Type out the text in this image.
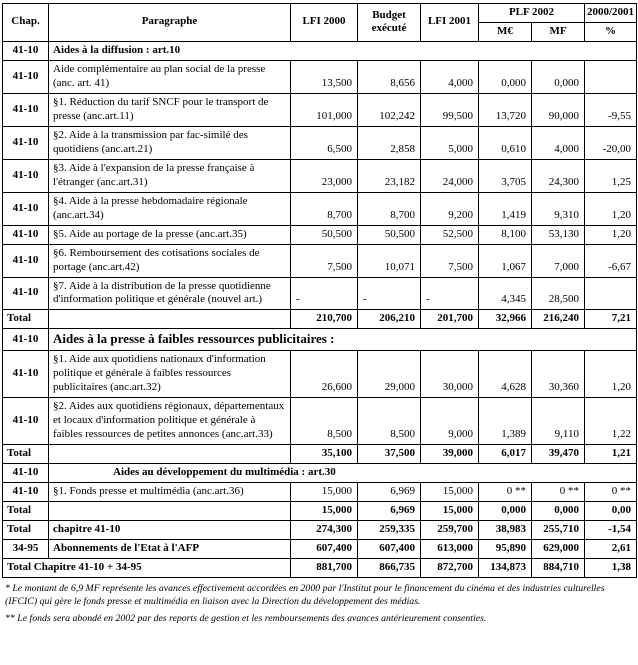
Chap.	Paragraphe	LFI 2000	Budget exécuté	LFI 2001	PLF 2002		2000/2001
					M€	MF	%
41-10	Aides à la diffusion : art.10						
41-10	Aide complémentaire au plan social de la presse (anc. art. 41)	13,500	8,656	4,000	0,000	0,000	
41-10	§1. Réduction du tarif SNCF pour le transport de presse (anc.art.11)	101,000	102,242	99,500	13,720	90,000	-9,55
41-10	§2. Aide à la transmission par fac-similé des quotidiens (anc.art.21)	6,500	2,858	5,000	0,610	4,000	-20,00
41-10	§3. Aide à l'expansion de la presse française à l'étranger (anc.art.31)	23,000	23,182	24,000	3,705	24,300	1,25
41-10	§4. Aide à la presse hebdomadaire régionale (anc.art.34)	8,700	8,700	9,200	1,419	9,310	1,20
41-10	§5. Aide au portage de la presse (anc.art.35)	50,500	50,500	52,500	8,100	53,130	1,20
41-10	§6. Remboursement des cotisations sociales de portage (anc.art.42)	7,500	10,071	7,500	1,067	7,000	-6,67
41-10	§7. Aide à la distribution de la presse quotidienne d'information politique et générale (nouvel art.)	-	-	-	4,345	28,500	
Total		210,700	206,210	201,700	32,966	216,240	7,21
41-10	Aides à la presse à faibles ressources publicitaires :						
41-10	§1. Aide aux quotidiens nationaux d'information politique et générale à faibles ressources publicitaires (anc.art.32)	26,600	29,000	30,000	4,628	30,360	1,20
41-10	§2. Aides aux quotidiens régionaux, départementaux et locaux d'information politique et générale à faibles ressources de petites annonces (anc.art.33)	8,500	8,500	9,000	1,389	9,110	1,22
Total		35,100	37,500	39,000	6,017	39,470	1,21
41-10	Aides au développement du multimédia : art.30						
41-10	§1. Fonds presse et multimédia (anc.art.36)	15,000	6,969	15,000	0 **	0 **	0 **
Total		15,000	6,969	15,000	0,000	0,000	0,00
Total	chapitre 41-10	274,300	259,335	259,700	38,983	255,710	-1,54
34-95	Abonnements de l'Etat à l'AFP	607,400	607,400	613,000	95,890	629,000	2,61
Total Chapitre 41-10 + 34-95		881,700	866,735	872,700	134,873	884,710	1,38

* Le montant de 6,9 MF représente les avances effectivement accordées en 2000 par l'Institut pour le financement du cinéma et des industries culturelles (IFCIC) qui gère le fonds presse et multimédia en liaison avec la Direction du développement des médias.

** Le fonds sera abondé en 2002 par des reports de gestion et les remboursements des avances antérieurement consenties.
